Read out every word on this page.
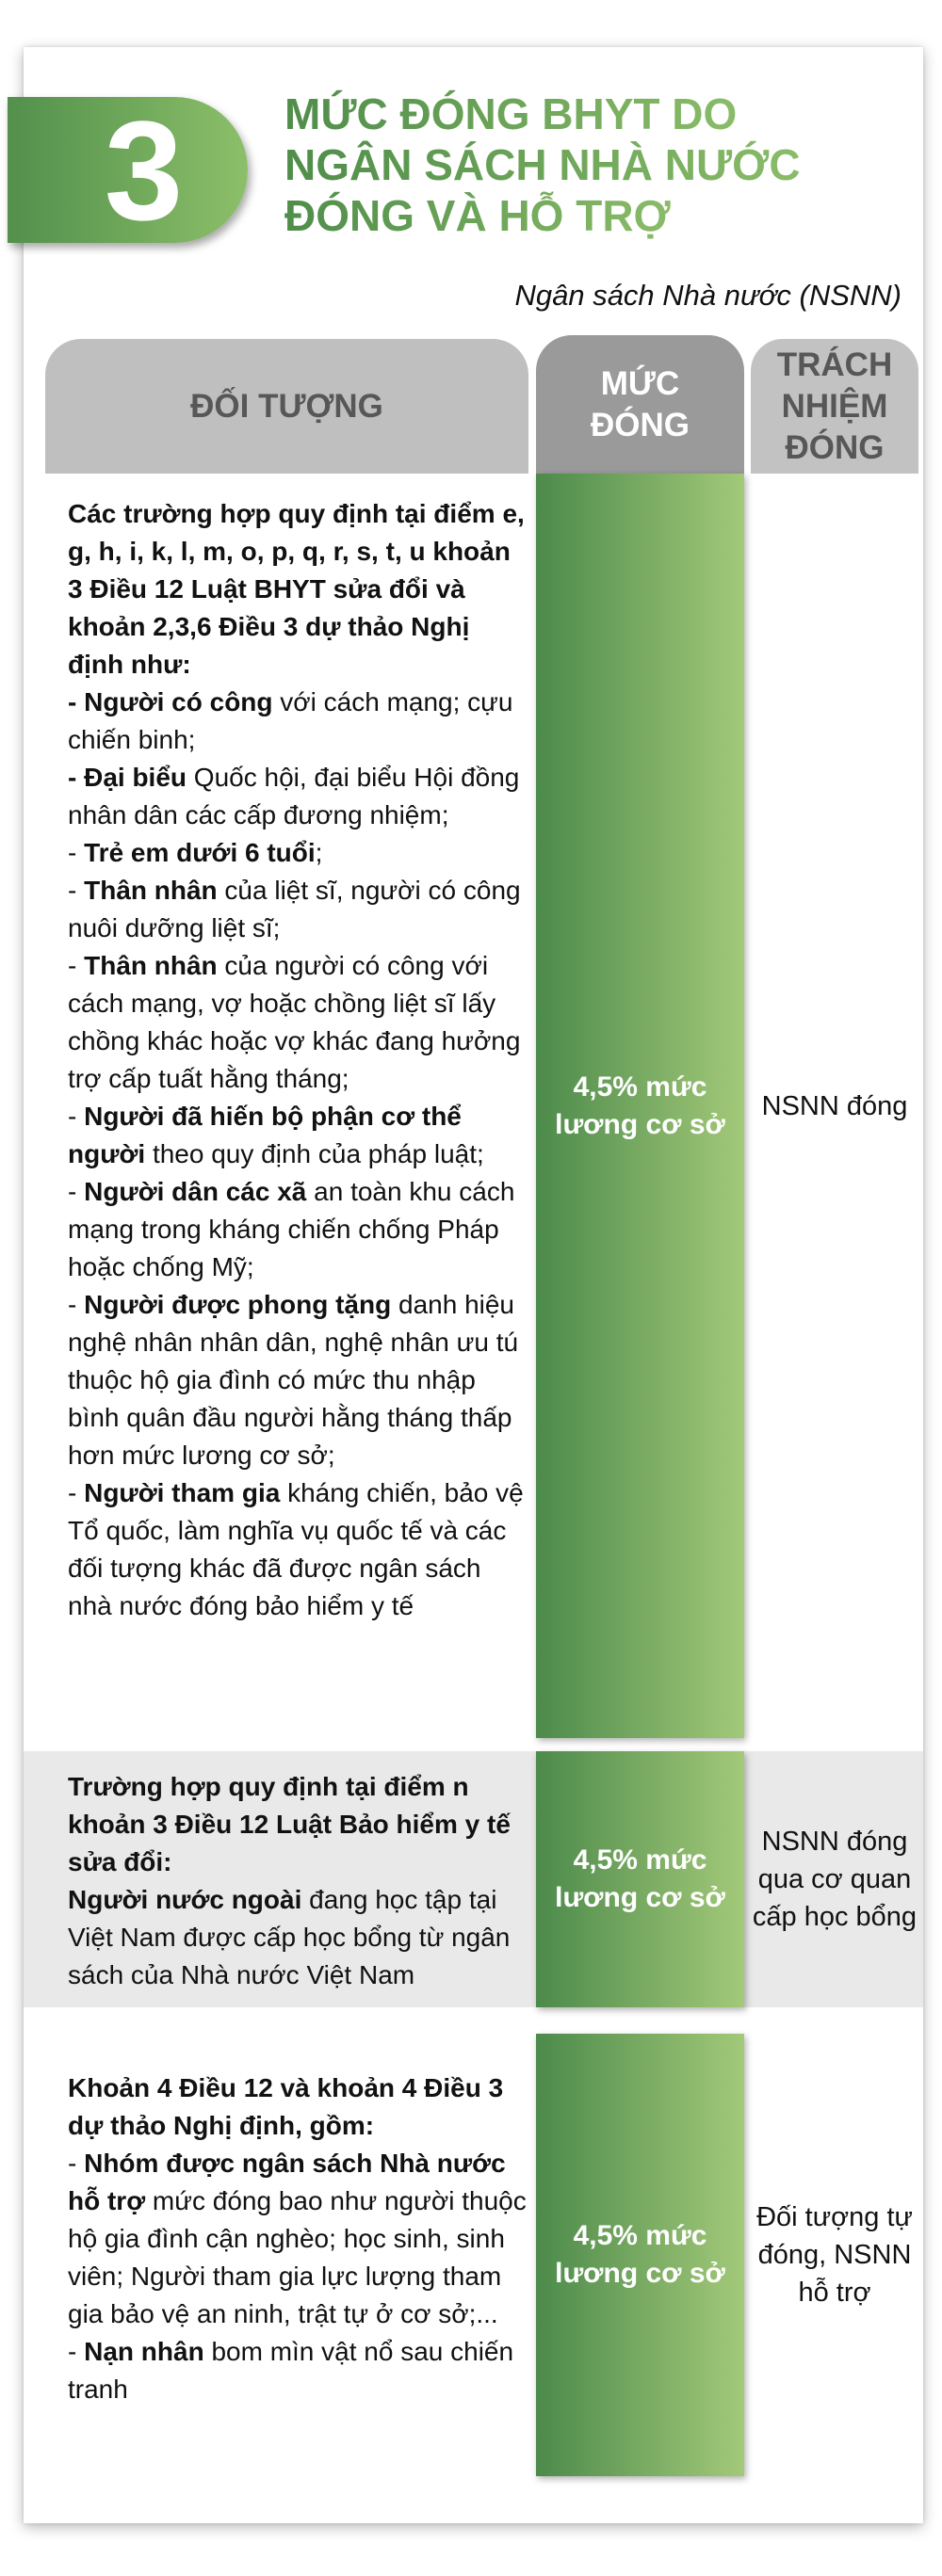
ĐỐI TƯỢNG
MỨC ĐÓNG
TRÁCH NHIỆM ĐÓNG

Các trường hợp quy định tại điểm e, g, h, i, k, l, m, o, p, q, r, s, t, u khoản 3 Điều 12 Luật BHYT sửa đổi và khoản 2,3,6 Điều 3 dự thảo Nghị định như:

- Người có công với cách mạng; cựu chiến binh;

- Đại biểu Quốc hội, đại biểu Hội đồng nhân dân các cấp đương nhiệm;

- Trẻ em dưới 6 tuổi;

- Thân nhân của liệt sĩ, người có công nuôi dưỡng liệt sĩ;

- Thân nhân của người có công với cách mạng, vợ hoặc chồng liệt sĩ lấy chồng khác hoặc vợ khác đang hưởng trợ cấp tuất hằng tháng;

- Người đã hiến bộ phận cơ thể người theo quy định của pháp luật;

- Người dân các xã an toàn khu cách mạng trong kháng chiến chống Pháp hoặc chống Mỹ;

- Người được phong tặng danh hiệu nghệ nhân nhân dân, nghệ nhân ưu tú thuộc hộ gia đình có mức thu nhập bình quân đầu người hằng tháng thấp hơn mức lương cơ sở;

- Người tham gia kháng chiến, bảo vệ Tổ quốc, làm nghĩa vụ quốc tế và các đối tượng khác đã được ngân sách nhà nước đóng bảo hiểm y tế

4,5% mức lương cơ sở
NSNN đóng

Trường hợp quy định tại điểm n khoản 3 Điều 12 Luật Bảo hiểm y tế sửa đổi:

Người nước ngoài đang học tập tại Việt Nam được cấp học bổng từ ngân sách của Nhà nước Việt Nam

4,5% mức lương cơ sở
NSNN đóng qua cơ quan cấp học bổng

Khoản 4 Điều 12 và khoản 4 Điều 3 dự thảo Nghị định, gồm:

- Nhóm được ngân sách Nhà nước hỗ trợ mức đóng bao như người thuộc hộ gia đình cận nghèo; học sinh, sinh viên; Người tham gia lực lượng tham gia bảo vệ an ninh, trật tự ở cơ sở;...

- Nạn nhân bom mìn vật nổ sau chiến tranh

4,5% mức lương cơ sở
Đối tượng tự đóng, NSNN hỗ trợ
3 MỨC ĐÓNG BHYT DO
NGÂN SÁCH NHÀ NƯỚC
ĐÓNG VÀ HỖ TRỢ
Ngân sách Nhà nước (NSNN)
